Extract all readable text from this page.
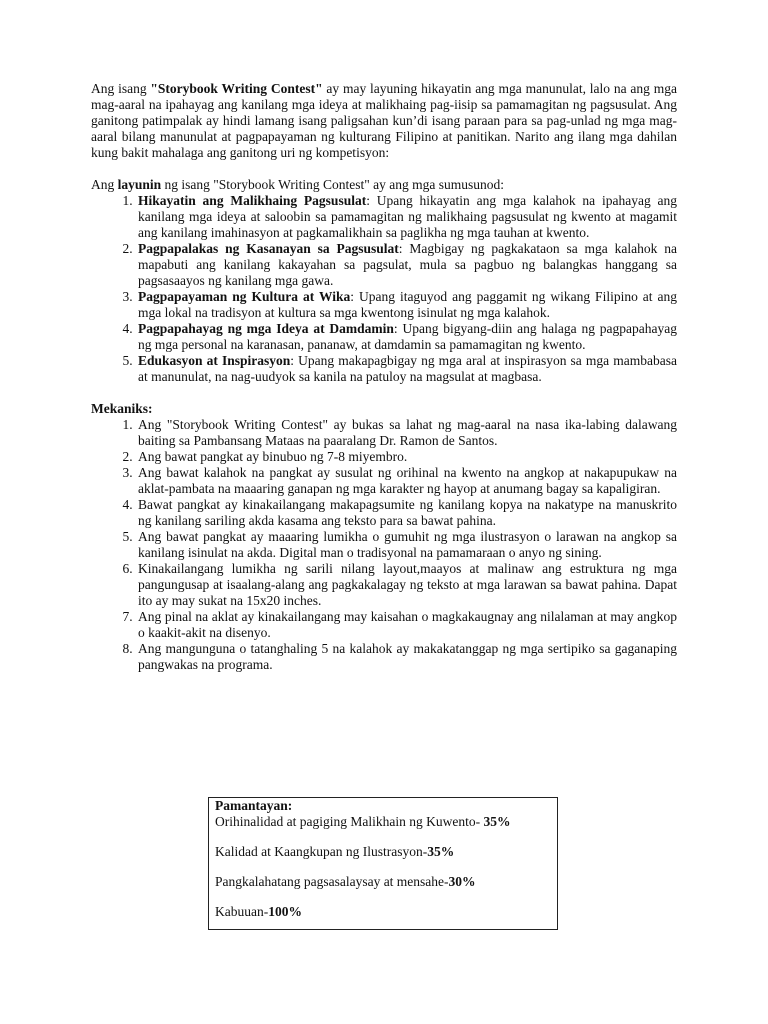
Ang isang "Storybook Writing Contest" ay may layuning hikayatin ang mga manunulat, lalo na ang mga mag-aaral na ipahayag ang kanilang mga ideya at malikhaing pag-iisip sa pamamagitan ng pagsusulat. Ang ganitong patimpalak ay hindi lamang isang paligsahan kun’di isang paraan para sa pag-unlad ng mga mag-aaral bilang manunulat at pagpapayaman ng kulturang Filipino at panitikan. Narito ang ilang mga dahilan kung bakit mahalaga ang ganitong uri ng kompetisyon:

Ang layunin ng isang "Storybook Writing Contest" ay ang mga sumusunod:

1. Hikayatin ang Malikhaing Pagsusulat: Upang hikayatin ang mga kalahok na ipahayag ang kanilang mga ideya at saloobin sa pamamagitan ng malikhaing pagsusulat ng kwento at magamit ang kanilang imahinasyon at pagkamalikhain sa paglikha ng mga tauhan at kwento.
2. Pagpapalakas ng Kasanayan sa Pagsusulat: Magbigay ng pagkakataon sa mga kalahok na mapabuti ang kanilang kakayahan sa pagsulat, mula sa pagbuo ng balangkas hanggang sa pagsasaayos ng kanilang mga gawa.
3. Pagpapayaman ng Kultura at Wika: Upang itaguyod ang paggamit ng wikang Filipino at ang mga lokal na tradisyon at kultura sa mga kwentong isinulat ng mga kalahok.
4. Pagpapahayag ng mga Ideya at Damdamin: Upang bigyang-diin ang halaga ng pagpapahayag ng mga personal na karanasan, pananaw, at damdamin sa pamamagitan ng kwento.
5. Edukasyon at Inspirasyon: Upang makapagbigay ng mga aral at inspirasyon sa mga mambabasa at manunulat, na nag-uudyok sa kanila na patuloy na magsulat at magbasa.

Mekaniks:

1. Ang "Storybook Writing Contest" ay bukas sa lahat ng mag-aaral na nasa ika-labing dalawang baiting sa Pambansang Mataas na paaralang Dr. Ramon de Santos.
2. Ang bawat pangkat ay binubuo ng 7-8 miyembro.
3. Ang bawat kalahok na pangkat ay susulat ng orihinal na kwento na angkop at nakapupukaw na aklat-pambata na maaaring ganapan ng mga karakter ng hayop at anumang bagay sa kapaligiran.
4. Bawat pangkat ay kinakailangang makapagsumite ng kanilang kopya na nakatype na manuskrito ng kanilang sariling akda kasama ang teksto para sa bawat pahina.
5. Ang bawat pangkat ay maaaring lumikha o gumuhit ng mga ilustrasyon o larawan na angkop sa kanilang isinulat na akda. Digital man o tradisyonal na pamamaraan o anyo ng sining.
6. Kinakailangang lumikha ng sarili nilang layout,maayos at malinaw ang estruktura ng mga pangungusap at isaalang-alang ang pagkakalagay ng teksto at mga larawan sa bawat pahina. Dapat ito ay may sukat na 15x20 inches.
7. Ang pinal na aklat ay kinakailangang may kaisahan o magkakaugnay ang nilalaman at may angkop o kaakit-akit na disenyo.
8. Ang mangunguna o tatanghaling 5 na kalahok ay makakatanggap ng mga sertipiko sa gaganaping pangwakas na programa.
Pamantayan:
Orihinalidad at pagiging Malikhain ng Kuwento- 35%
Kalidad at Kaangkupan ng Ilustrasyon-35%
Pangkalahatang pagsasalaysay at mensahe-30%
Kabuuan-100%
